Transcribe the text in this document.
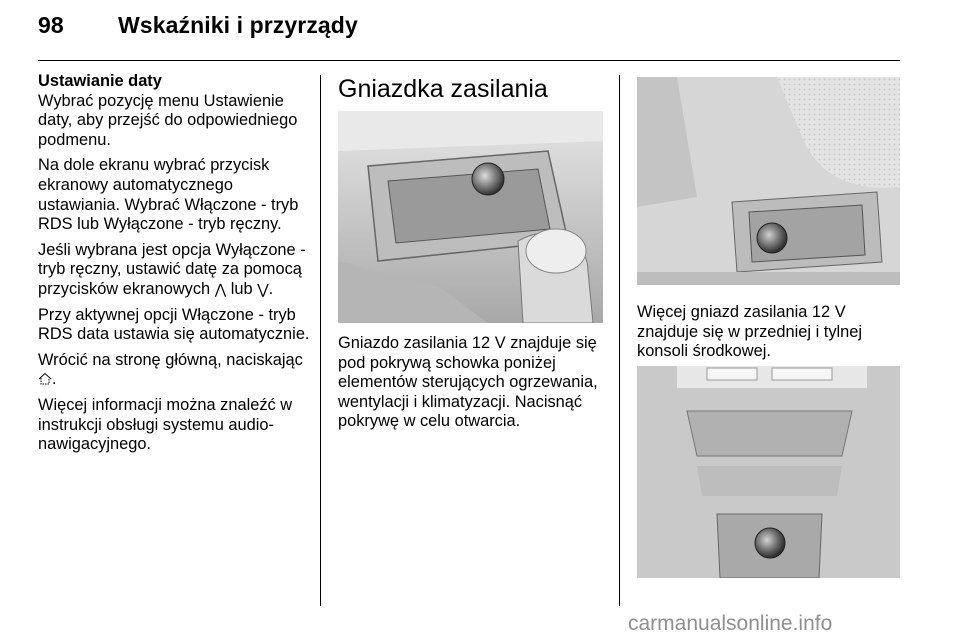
98 Wskaźniki i przyrządy

Ustawianie daty
Wybrać pozycję menu Ustawienie daty, aby przejść do odpowiedniego podmenu.

Na dole ekranu wybrać przycisk ekranowy automatycznego ustawiania. Wybrać Włączone - tryb RDS lub Wyłączone - tryb ręczny.

Jeśli wybrana jest opcja Wyłączone - tryb ręczny, ustawić datę za pomocą przycisków ekranowych ⋀ lub ⋁.

Przy aktywnej opcji Włączone - tryb RDS data ustawia się automatycznie.

Wrócić na stronę główną, naciskając .

Więcej informacji można znaleźć w instrukcji obsługi systemu audio-nawigacyjnego.

Gniazdka zasilania

Gniazdo zasilania 12 V znajduje się pod pokrywą schowka poniżej elementów sterujących ogrzewania, wentylacji i klimatyzacji. Nacisnąć pokrywę w celu otwarcia.

Więcej gniazd zasilania 12 V znajduje się w przedniej i tylnej konsoli środkowej.

carmanualsonline.info
